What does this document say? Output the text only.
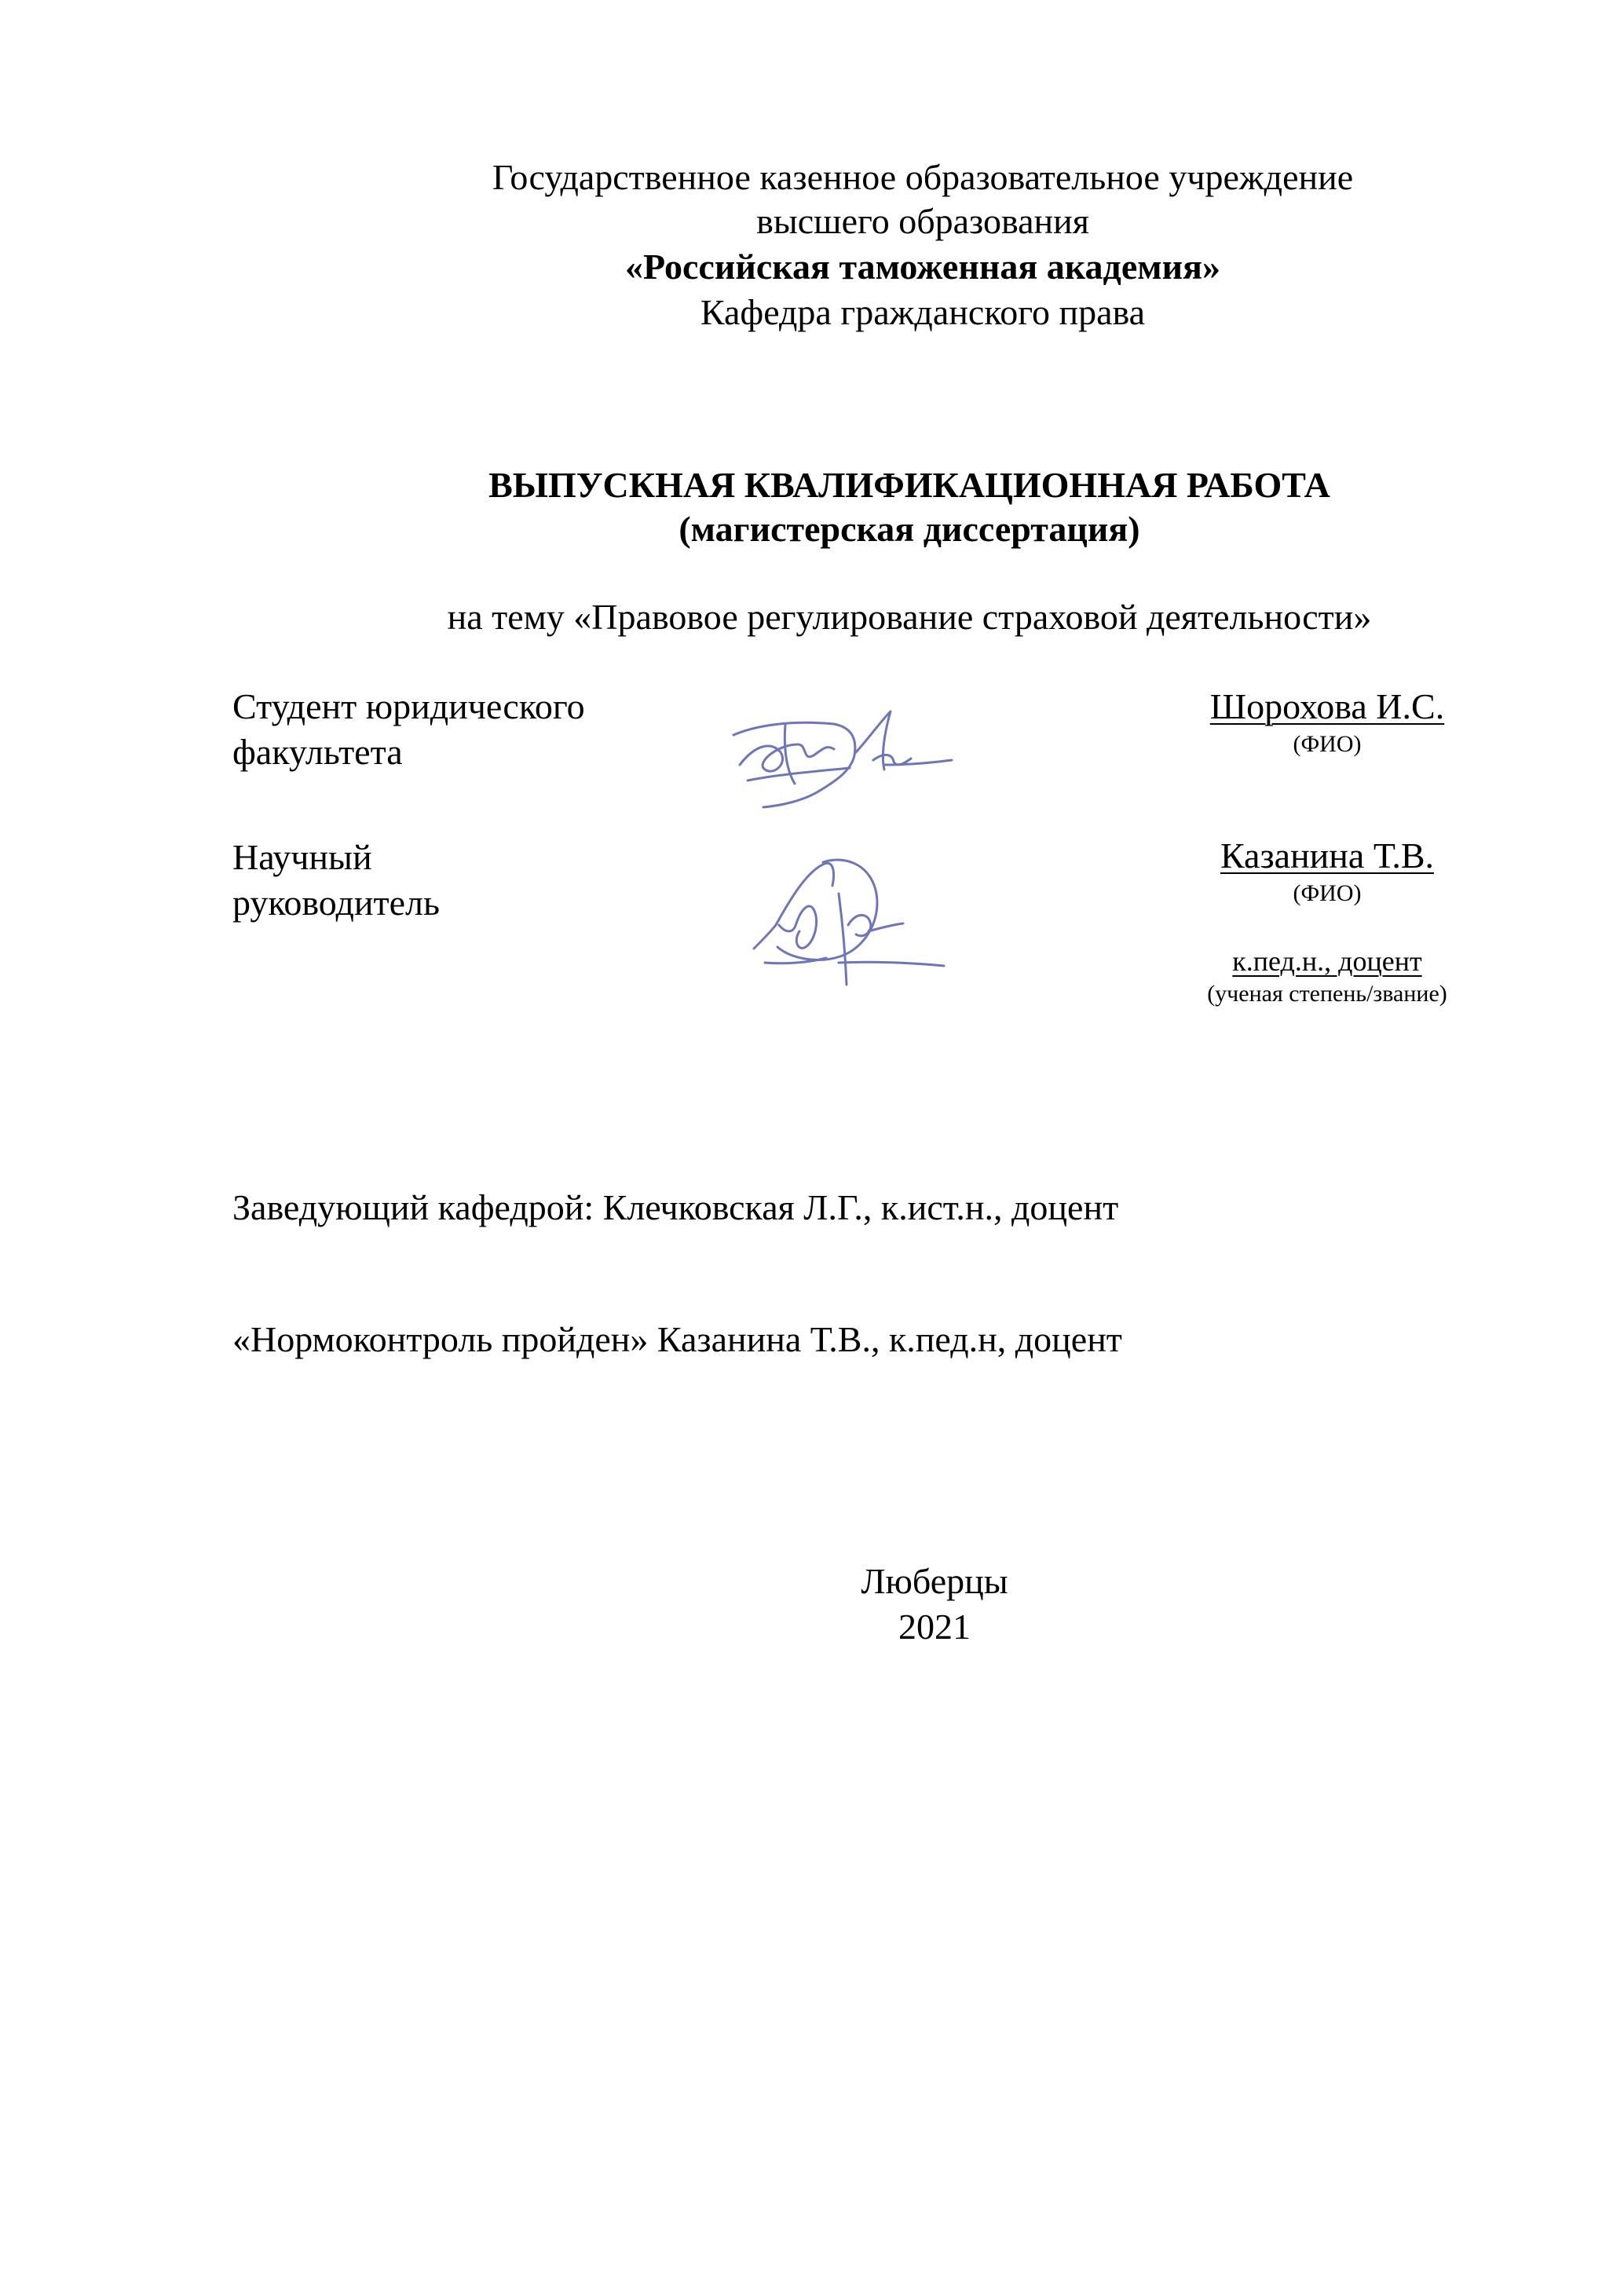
Государственное казенное образовательное учреждение
высшего образования
«Российская таможенная академия»
Кафедра гражданского права
ВЫПУСКНАЯ КВАЛИФИКАЦИОННАЯ РАБОТА
(магистерская диссертация)
на тему «Правовое регулирование страховой деятельности»
Студент юридического
факультета
Шорохова И.С.
(ФИО)
Научный
руководитель
Казанина Т.В.
(ФИО)
к.пед.н., доцент
(ученая степень/звание)
Заведующий кафедрой: Клечковская Л.Г., к.ист.н., доцент
«Нормоконтроль пройден» Казанина Т.В., к.пед.н, доцент
Люберцы
2021
